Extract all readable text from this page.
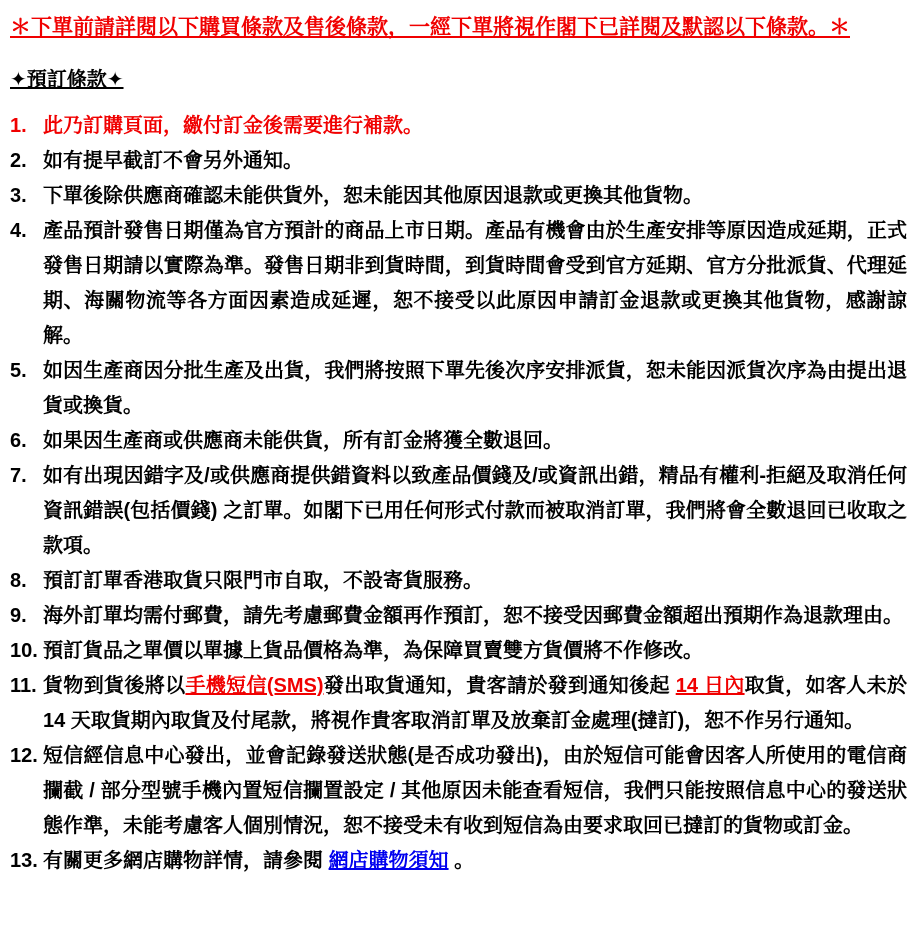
＊下單前請詳閱以下購買條款及售後條款，一經下單將視作閣下已詳閱及默認以下條款。＊

✦預訂條款✦
1. 此乃訂購頁面，繳付訂金後需要進行補款。
2. 如有提早截訂不會另外通知。
3. 下單後除供應商確認未能供貨外，恕未能因其他原因退款或更換其他貨物。
4. 產品預計發售日期僅為官方預計的商品上市日期。產品有機會由於生產安排等原因造成延期，正式發售日期請以實際為準。發售日期非到貨時間，到貨時間會受到官方延期、官方分批派貨、代理延期、海關物流等各方面因素造成延遲，恕不接受以此原因申請訂金退款或更換其他貨物，感謝諒解。
5. 如因生產商因分批生產及出貨，我們將按照下單先後次序安排派貨，恕未能因派貨次序為由提出退貨或換貨。
6. 如果因生產商或供應商未能供貨，所有訂金將獲全數退回。
7. 如有出現因錯字及/或供應商提供錯資料以致產品價錢及/或資訊出錯，精品有權利-拒絕及取消任何資訊錯誤(包括價錢) 之訂單。如閣下已用任何形式付款而被取消訂單，我們將會全數退回已收取之款項。
8. 預訂訂單香港取貨只限門市自取，不設寄貨服務。
9. 海外訂單均需付郵費，請先考慮郵費金額再作預訂，恕不接受因郵費金額超出預期作為退款理由。
10. 預訂貨品之單價以單據上貨品價格為準，為保障買賣雙方貨價將不作修改。
11. 貨物到貨後將以手機短信(SMS)發出取貨通知，貴客請於發到通知後起 14 日內取貨，如客人未於 14 天取貨期內取貨及付尾款，將視作貴客取消訂單及放棄訂金處理(撻訂)，恕不作另行通知。
12. 短信經信息中心發出，並會記錄發送狀態(是否成功發出)，由於短信可能會因客人所使用的電信商攔截 / 部分型號手機內置短信攔置設定 / 其他原因未能查看短信，我們只能按照信息中心的發送狀態作準，未能考慮客人個別情況，恕不接受未有收到短信為由要求取回已撻訂的貨物或訂金。
13. 有關更多網店購物詳情，請參閱 網店購物須知 。
